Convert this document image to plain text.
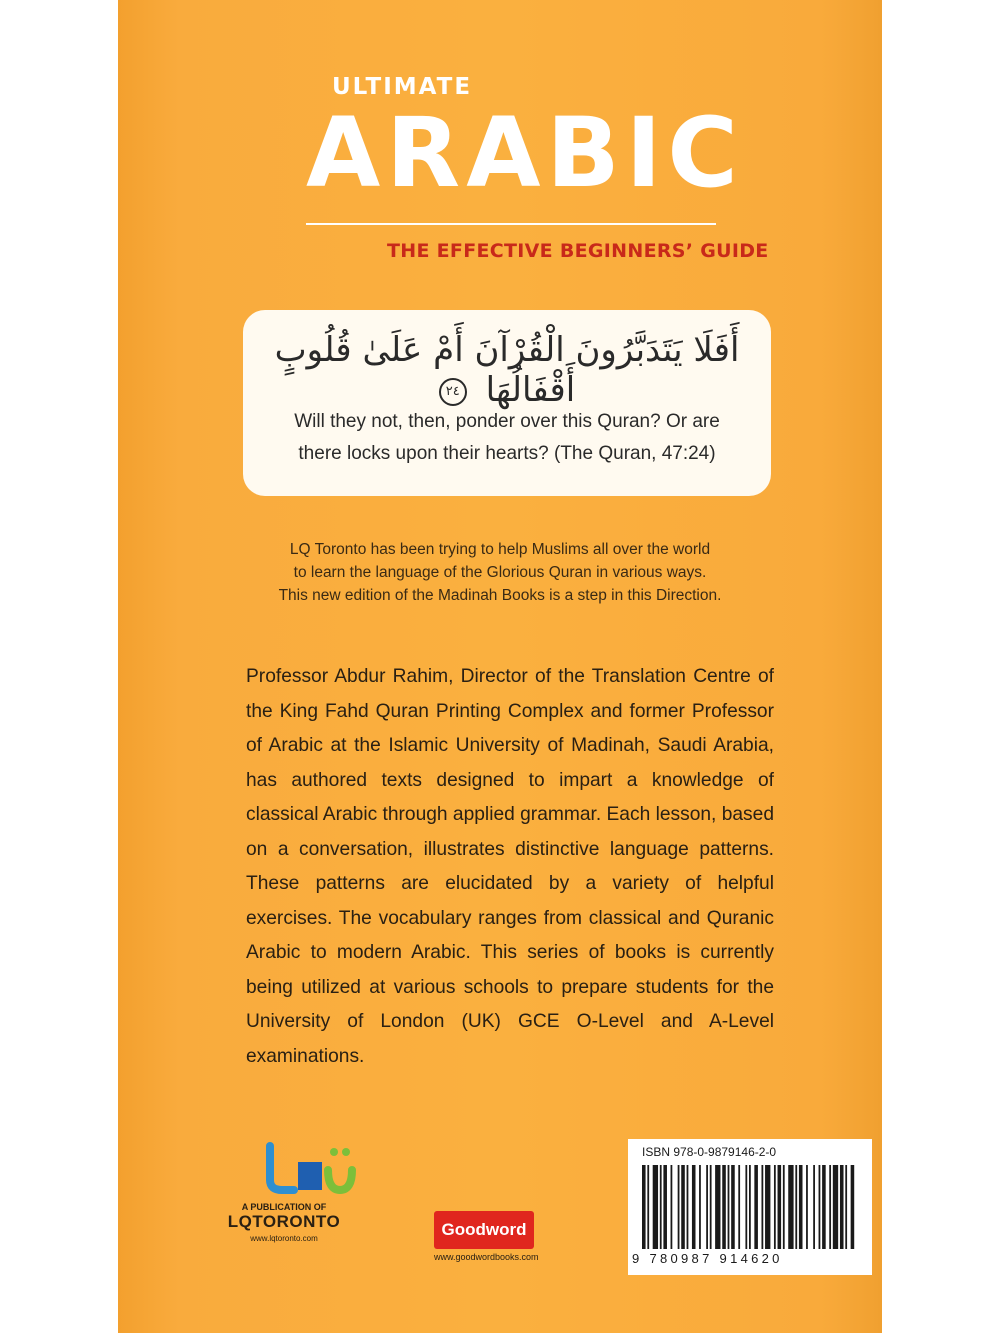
ULTIMATE
ARABIC
THE EFFECTIVE BEGINNERS’ GUIDE
أَفَلَا يَتَدَبَّرُونَ الْقُرْآنَ أَمْ عَلَىٰ قُلُوبٍ أَقْفَالُهَا ٢٤
Will they not, then, ponder over this Quran? Or are
there locks upon their hearts? (The Quran, 47:24)
LQ Toronto has been trying to help Muslims all over the world
to learn the language of the Glorious Quran in various ways.
This new edition of the Madinah Books is a step in this Direction.
Professor Abdur Rahim, Director of the Translation Centre of the King Fahd Quran Printing Complex and former Professor of Arabic at the Islamic University of Madinah, Saudi Arabia, has authored texts designed to impart a knowledge of classical Arabic through applied grammar. Each lesson, based on a conversation, illustrates distinctive language patterns. These patterns are elucidated by a variety of helpful exercises. The vocabulary ranges from classical and Quranic Arabic to modern Arabic. This series of books is currently being utilized at various schools to prepare students for the University of London (UK) GCE O-Level and A-Level examinations.
A PUBLICATION OF
LQTORONTO
www.lqtoronto.com	Goodword
www.goodwordbooks.com
ISBN 978-0-9879146-2-0
9 780987 914620
